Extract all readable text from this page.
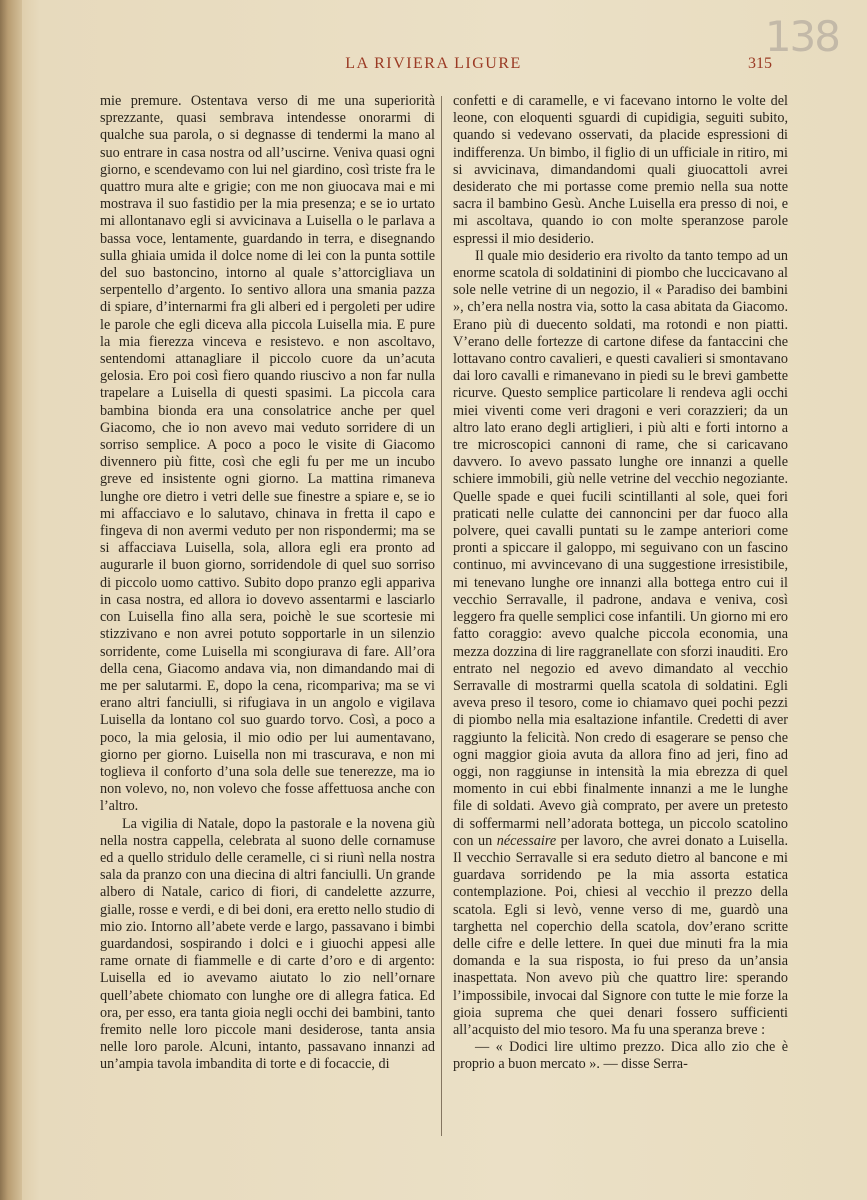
138
LA RIVIERA LIGURE	315

mie premure. Ostentava verso di me una superiorità sprezzante, quasi sembrava intendesse onorarmi di qualche sua parola, o si degnasse di tendermi la mano al suo entrare in casa nostra od all’uscirne. Veniva quasi ogni giorno, e scendevamo con lui nel giardino, così triste fra le quattro mura alte e grigie; con me non giuocava mai e mi mostrava il suo fastidio per la mia presenza; e se io urtato mi allontanavo egli si avvicinava a Luisella o le parlava a bassa voce, lentamente, guardando in terra, e disegnando sulla ghiaia umida il dolce nome di lei con la punta sottile del suo bastoncino, intorno al quale s’attorcigliava un serpentello d’argento. Io sentivo allora una smania pazza di spiare, d’internarmi fra gli alberi ed i pergoleti per udire le parole che egli diceva alla piccola Luisella mia. E pure la mia fierezza vinceva e resistevo. e non ascoltavo, sentendomi attanagliare il piccolo cuore da un’acuta gelosia. Ero poi così fiero quando riuscivo a non far nulla trapelare a Luisella di questi spasimi. La piccola cara bambina bionda era una consolatrice anche per quel Giacomo, che io non avevo mai veduto sorridere di un sorriso semplice. A poco a poco le visite di Giacomo divennero più fitte, così che egli fu per me un incubo greve ed insistente ogni giorno. La mattina rimaneva lunghe ore dietro i vetri delle sue finestre a spiare e, se io mi affacciavo e lo salutavo, chinava in fretta il capo e fingeva di non avermi veduto per non rispondermi; ma se si affacciava Luisella, sola, allora egli era pronto ad augurarle il buon giorno, sorridendole di quel suo sorriso di piccolo uomo cattivo. Subito dopo pranzo egli appariva in casa nostra, ed allora io dovevo assentarmi e lasciarlo con Luisella fino alla sera, poichè le sue scortesie mi stizzivano e non avrei potuto sopportarle in un silenzio sorridente, come Luisella mi scongiurava di fare. All’ora della cena, Giacomo andava via, non dimandando mai di me per salutarmi. E, dopo la cena, ricompariva; ma se vi erano altri fanciulli, si rifugiava in un angolo e vigilava Luisella da lontano col suo guardo torvo. Così, a poco a poco, la mia gelosia, il mio odio per lui aumentavano, giorno per giorno. Luisella non mi trascurava, e non mi toglieva il conforto d’una sola delle sue tenerezze, ma io non volevo, no, non volevo che fosse affettuosa anche con l’altro.

La vigilia di Natale, dopo la pastorale e la novena giù nella nostra cappella, celebrata al suono delle cornamuse ed a quello stridulo delle ceramelle, ci si riunì nella nostra sala da pranzo con una diecina di altri fanciulli. Un grande albero di Natale, carico di fiori, di candelette azzurre, gialle, rosse e verdi, e di bei doni, era eretto nello studio di mio zio. Intorno all’abete verde e largo, passavano i bimbi guardandosi, sospirando i dolci e i giuochi appesi alle rame ornate di fiammelle e di carte d’oro e di argento: Luisella ed io avevamo aiutato lo zio nell’ornare quell’abete chiomato con lunghe ore di allegra fatica. Ed ora, per esso, era tanta gioia negli occhi dei bambini, tanto fremito nelle loro piccole mani desiderose, tanta ansia nelle loro parole. Alcuni, intanto, passavano innanzi ad un’ampia tavola imbandita di torte e di focaccie, di

confetti e di caramelle, e vi facevano intorno le volte del leone, con eloquenti sguardi di cupidigia, seguiti subito, quando si vedevano osservati, da placide espressioni di indifferenza. Un bimbo, il figlio di un ufficiale in ritiro, mi si avvicinava, dimandandomi quali giuocattoli avrei desiderato che mi portasse come premio nella sua notte sacra il bambino Gesù. Anche Luisella era presso di noi, e mi ascoltava, quando io con molte speranzose parole espressi il mio desiderio.

Il quale mio desiderio era rivolto da tanto tempo ad un enorme scatola di soldatinini di piombo che luccicavano al sole nelle vetrine di un negozio, il « Paradiso dei bambini », ch’era nella nostra via, sotto la casa abitata da Giacomo. Erano più di duecento soldati, ma rotondi e non piatti. V’erano delle fortezze di cartone difese da fantaccini che lottavano contro cavalieri, e questi cavalieri si smontavano dai loro cavalli e rimanevano in piedi su le brevi gambette ricurve. Questo semplice particolare li rendeva agli occhi miei viventi come veri dragoni e veri corazzieri; da un altro lato erano degli artiglieri, i più alti e forti intorno a tre microscopici cannoni di rame, che si caricavano davvero. Io avevo passato lunghe ore innanzi a quelle schiere immobili, giù nelle vetrine del vecchio negoziante. Quelle spade e quei fucili scintillanti al sole, quei fori praticati nelle culatte dei cannoncini per dar fuoco alla polvere, quei cavalli puntati su le zampe anteriori come pronti a spiccare il galoppo, mi seguivano con un fascino continuo, mi avvincevano di una suggestione irresistibile, mi tenevano lunghe ore innanzi alla bottega entro cui il vecchio Serravalle, il padrone, andava e veniva, così leggero fra quelle semplici cose infantili. Un giorno mi ero fatto coraggio: avevo qualche piccola economia, una mezza dozzina di lire raggranellate con sforzi inauditi. Ero entrato nel negozio ed avevo dimandato al vecchio Serravalle di mostrarmi quella scatola di soldatini. Egli aveva preso il tesoro, come io chiamavo quei pochi pezzi di piombo nella mia esaltazione infantile. Credetti di aver raggiunto la felicità. Non credo di esagerare se penso che ogni maggior gioia avuta da allora fino ad jeri, fino ad oggi, non raggiunse in intensità la mia ebrezza di quel momento in cui ebbi finalmente innanzi a me le lunghe file di soldati. Avevo già comprato, per avere un pretesto di soffermarmi nell’adorata bottega, un piccolo scatolino con un nécessaire per lavoro, che avrei donato a Luisella. Il vecchio Serravalle si era seduto dietro al bancone e mi guardava sorridendo pe la mia assorta estatica contemplazione. Poi, chiesi al vecchio il prezzo della scatola. Egli si levò, venne verso di me, guardò una targhetta nel coperchio della scatola, dov’erano scritte delle cifre e delle lettere. In quei due minuti fra la mia domanda e la sua risposta, io fui preso da un’ansia inaspettata. Non avevo più che quattro lire: sperando l’impossibile, invocai dal Signore con tutte le mie forze la gioia suprema che quei denari fossero sufficienti all’acquisto del mio tesoro. Ma fu una speranza breve :

— « Dodici lire ultimo prezzo. Dica allo zio che è proprio a buon mercato ». — disse Serra-
